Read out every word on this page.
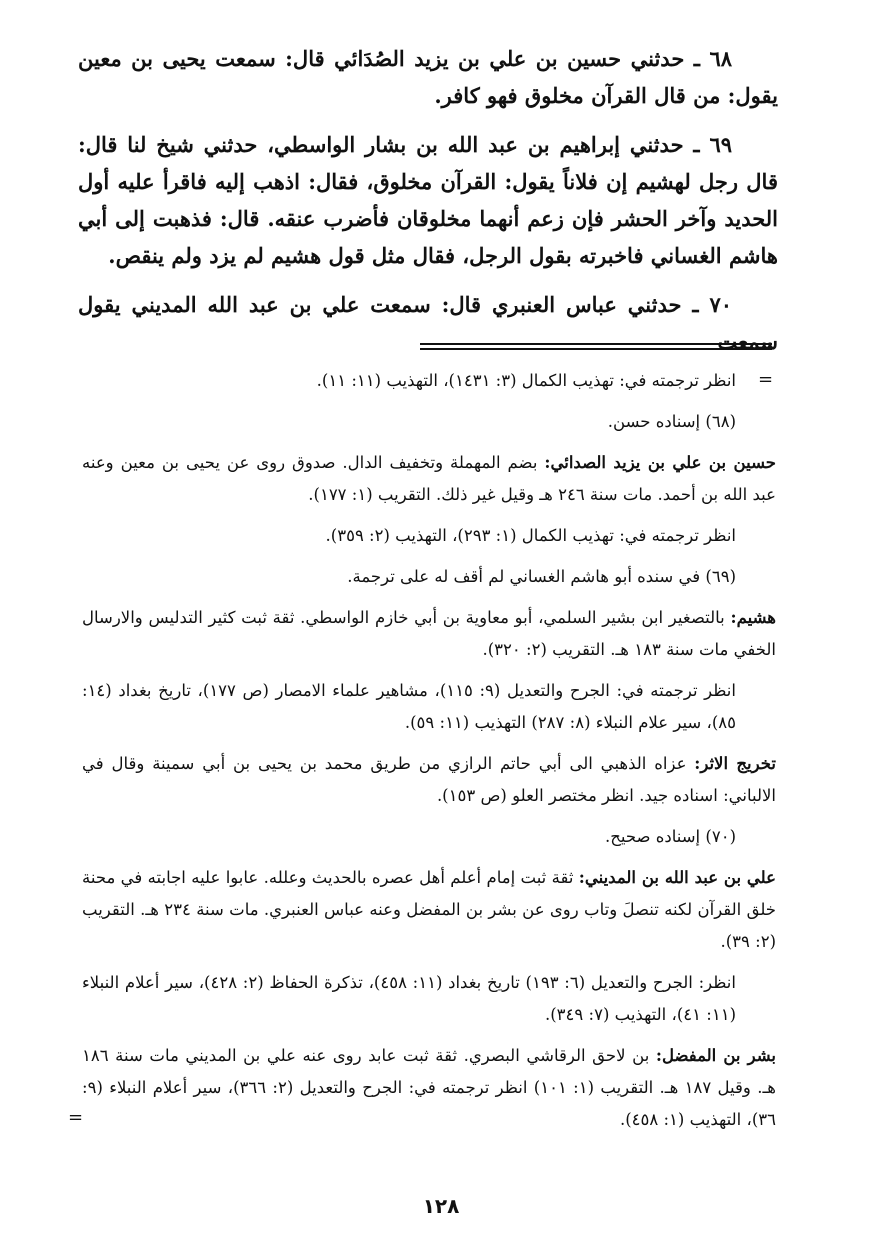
٦٨ ـ حدثني حسين بن علي بن يزيد الصُدَائي قال: سمعت يحيى بن معين يقول: من قال القرآن مخلوق فهو كافر.

٦٩ ـ حدثني إبراهيم بن عبد الله بن بشار الواسطي، حدثني شيخ لنا قال: قال رجل لهشيم إن فلاناً يقول: القرآن مخلوق، فقال: اذهب إليه فاقرأ عليه أول الحديد وآخر الحشر فإن زعم أنهما مخلوقان فأضرب عنقه. قال: فذهبت إلى أبي هاشم الغساني فاخبرته بقول الرجل، فقال مثل قول هشيم لم يزد ولم ينقص.

٧٠ ـ حدثني عباس العنبري قال: سمعت علي بن عبد الله المديني يقول سمعت

=

انظر ترجمته في: تهذيب الكمال (٣: ١٤٣١)، التهذيب (١١: ١١).

(٦٨) إسناده حسن.

حسين بن علي بن يزيد الصدائي: بضم المهملة وتخفيف الدال. صدوق روى عن يحيى بن معين وعنه عبد الله بن أحمد. مات سنة ٢٤٦ هـ وقيل غير ذلك. التقريب (١: ١٧٧).

انظر ترجمته في: تهذيب الكمال (١: ٢٩٣)، التهذيب (٢: ٣٥٩).

(٦٩) في سنده أبو هاشم الغساني لم أقف له على ترجمة.

هشيم: بالتصغير ابن بشير السلمي، أبو معاوية بن أبي خازم الواسطي. ثقة ثبت كثير التدليس والارسال الخفي مات سنة ١٨٣ هـ. التقريب (٢: ٣٢٠).

انظر ترجمته في: الجرح والتعديل (٩: ١١٥)، مشاهير علماء الامصار (ص ١٧٧)، تاريخ بغداد (١٤: ٨٥)، سير علام النبلاء (٨: ٢٨٧) التهذيب (١١: ٥٩).

تخريج الاثر: عزاه الذهبي الى أبي حاتم الرازي من طريق محمد بن يحيى بن أبي سمينة وقال في الالباني: اسناده جيد. انظر مختصر العلو (ص ١٥٣).

(٧٠) إسناده صحيح.

علي بن عبد الله بن المديني: ثقة ثبت إمام أعلم أهل عصره بالحديث وعلله. عابوا عليه اجابته في محنة خلق القرآن لكنه تنصلَ وتاب روى عن بشر بن المفضل وعنه عباس العنبري. مات سنة ٢٣٤ هـ. التقريب (٢: ٣٩).

انظر: الجرح والتعديل (٦: ١٩٣) تاريخ بغداد (١١: ٤٥٨)، تذكرة الحفاظ (٢: ٤٢٨)، سير أعلام النبلاء (١١: ٤١)، التهذيب (٧: ٣٤٩).

بشر بن المفضل: بن لاحق الرقاشي البصري. ثقة ثبت عابد روى عنه علي بن المديني مات سنة ١٨٦ هـ. وقيل ١٨٧ هـ. التقريب (١: ١٠١) انظر ترجمته في: الجرح والتعديل (٢: ٣٦٦)، سير أعلام النبلاء (٩: ٣٦)، التهذيب (١: ٤٥٨).

=
١٢٨
